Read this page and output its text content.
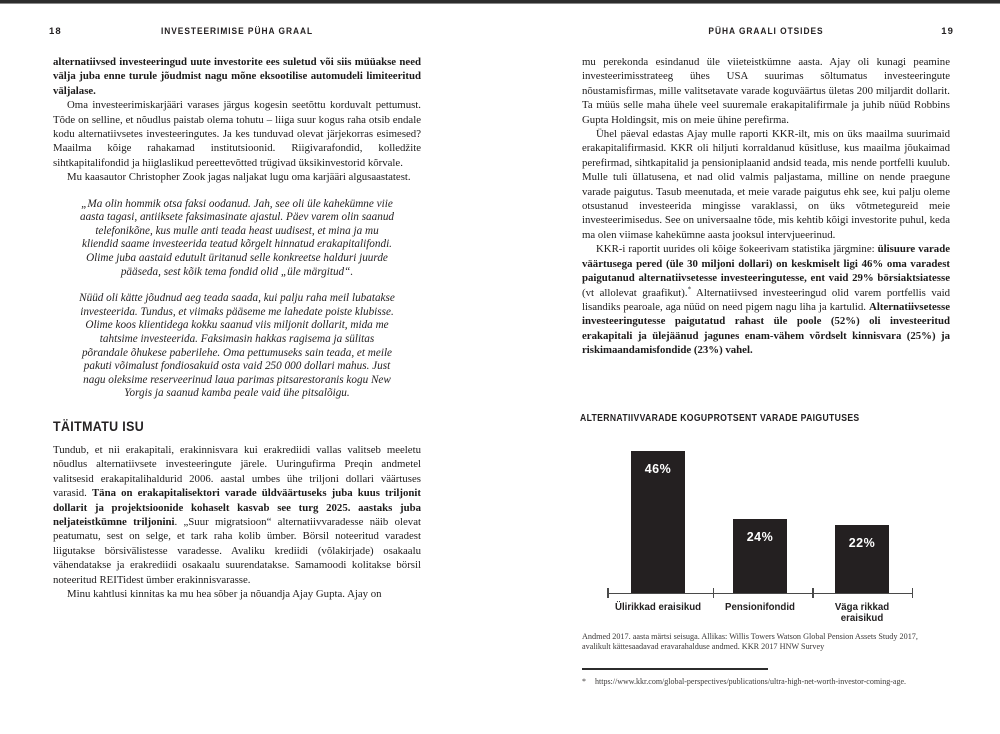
18	INVESTEERIMISE PÜHA GRAAL

alternatiivsed investeeringud uute investorite ees suletud või siis müüakse need välja juba enne turule jõudmist nagu mõne eksootilise automudeli limiteeritud väljalase.

Oma investeerimiskarjääri varases järgus kogesin seetõttu korduvalt pettumust. Tõde on selline, et nõudlus paistab olema tohutu – liiga suur kogus raha otsib endale kodu alternatiivsetes investeeringutes. Ja kes tunduvad olevat järjekorras esimesed? Maailma kõige rahakamad institutsioonid. Riigivarafondid, kolledžite sihtkapitalifondid ja hiiglaslikud pereettevõtted trügivad üksikinvestorid kõrvale.

Mu kaasautor Christopher Zook jagas naljakat lugu oma karjääri algusaastatest.

„Ma olin hommik otsa faksi oodanud. Jah, see oli üle kahekümne viie aasta tagasi, antiiksete faksimasinate ajastul. Päev varem olin saanud telefonikõne, kus mulle anti teada heast uudisest, et mina ja mu kliendid saame investeerida teatud kõrgelt hinnatud erakapitalifondi. Olime juba aastaid edutult üritanud selle konkreetse halduri juurde pääseda, sest kõik tema fondid olid „üle märgitud“.

Nüüd oli kätte jõudnud aeg teada saada, kui palju raha meil lubatakse investeerida. Tundus, et viimaks pääseme me lahedate poiste klubisse. Olime koos klientidega kokku saanud viis miljonit dollarit, mida me tahtsime investeerida. Faksimasin hakkas ragisema ja sülitas põrandale õhukese paberilehe. Oma pettumuseks sain teada, et meile pakuti võimalust fondiosakuid osta vaid 250 000 dollari mahus. Just nagu oleksime reserveerinud laua parimas pitsarestoranis kogu New Yorgis ja saanud kamba peale vaid ühe pitsalõigu.

TÄITMATU ISU

Tundub, et nii erakapitali, erakinnisvara kui erakrediidi vallas valitseb meeletu nõudlus alternatiivsete investeeringute järele. Uuringufirma Preqin andmetel valitsesid erakapitalihaldurid 2006. aastal umbes ühe triljoni dollari väärtuses varasid. Täna on erakapitalisektori varade üldväärtuseks juba kuus triljonit dollarit ja projektsioonide kohaselt kasvab see turg 2025. aastaks juba neljateistkümne triljonini. „Suur migratsioon“ alternatiivvaradesse näib olevat peatumatu, sest on selge, et tark raha kolib ümber. Börsil noteeritud varadest liigutakse börsivälistesse varadesse. Avaliku krediidi (võlakirjade) osakaalu vähendatakse ja erakrediidi osakaalu suurendatakse. Samamoodi kolitakse börsil noteeritud REITidest ümber erakinnisvarasse.

Minu kahtlusi kinnitas ka mu hea sõber ja nõuandja Ajay Gupta. Ajay on

PÜHA GRAALI OTSIDES	19

mu perekonda esindanud üle viieteistkümne aasta. Ajay oli kunagi peamine investeerimisstrateeg ühes USA suurimas sõltumatus investeeringute nõustamisfirmas, mille valitsetavate varade koguväärtus ületas 200 miljardit dollarit. Ta müüs selle maha ühele veel suuremale erakapitalifirmale ja juhib nüüd Robbins Gupta Holdingsit, mis on meie ühine perefirma.

Ühel päeval edastas Ajay mulle raporti KKR-ilt, mis on üks maailma suurimaid erakapitalifirmasid. KKR oli hiljuti korraldanud küsitluse, kus maailma jõukaimad perefirmad, sihtkapitalid ja pensioniplaanid andsid teada, mis nende portfelli kuulub. Mulle tuli üllatusena, et nad olid valmis paljastama, milline on nende praegune varade paigutus. Tasub meenutada, et meie varade paigutus ehk see, kui palju oleme otsustanud investeerida mingisse varaklassi, on üks võtmetegureid meie investeerimisedus. See on universaalne tõde, mis kehtib kõigi investorite puhul, keda ma olen viimase kahekümne aasta jooksul intervjueerinud.

KKR-i raportit uurides oli kõige šokeerivam statistika järgmine: ülisuure varade väärtusega pered (üle 30 miljoni dollari) on keskmiselt ligi 46% oma varadest paigutanud alternatiivsetesse investeeringutesse, ent vaid 29% börsiaktsiatesse (vt allolevat graafikut).* Alternatiivsed investeeringud olid varem portfellis vaid lisandiks pearoale, aga nüüd on need pigem nagu liha ja kartulid. Alternatiivsetesse investeeringutesse paigutatud rahast üle poole (52%) oli investeeritud erakapitali ja ülejäänud jagunes enam-vähem võrdselt kinnisvara (25%) ja riskimaandamisfondide (23%) vahel.

ALTERNATIIVVARADE KOGUPROTSENT VARADE PAIGUTUSES
46%
24%	22%
Ülirikkad eraisikud	Pensionifondid	Väga rikkad eraisikud

Andmed 2017. aasta märtsi seisuga. Allikas: Willis Towers Watson Global Pension Assets Study 2017, avalikult kättesaadavad eravarahalduse andmed. KKR 2017 HNW Survey

* https://www.kkr.com/global-perspectives/publications/ultra-high-net-worth-investor-coming-age.
